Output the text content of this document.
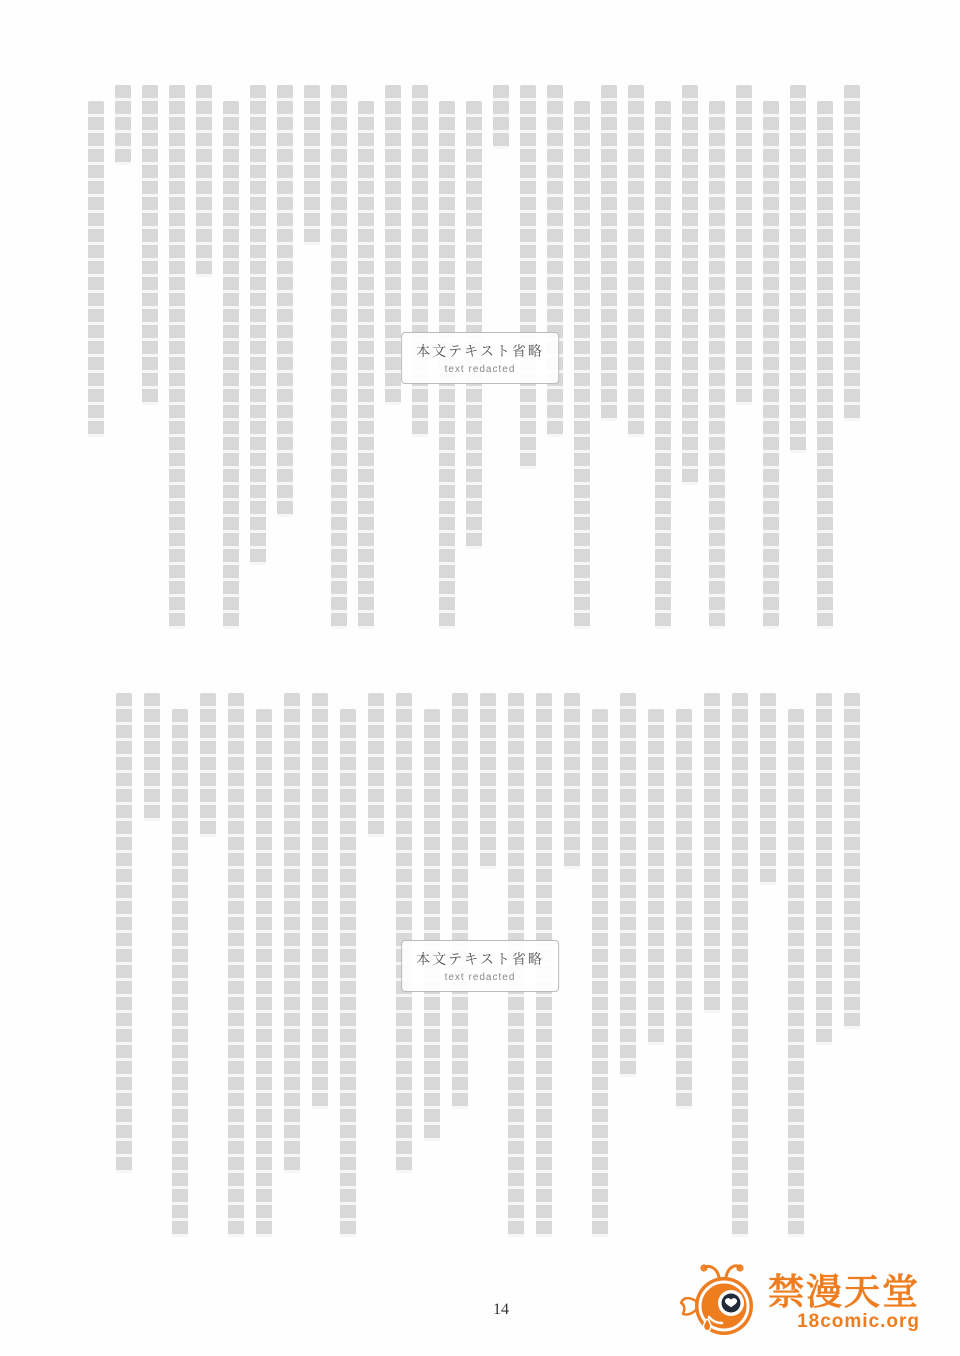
本文テキスト省略
text redacted
本文テキスト省略
text redacted
14	禁漫天堂
18comic.org
